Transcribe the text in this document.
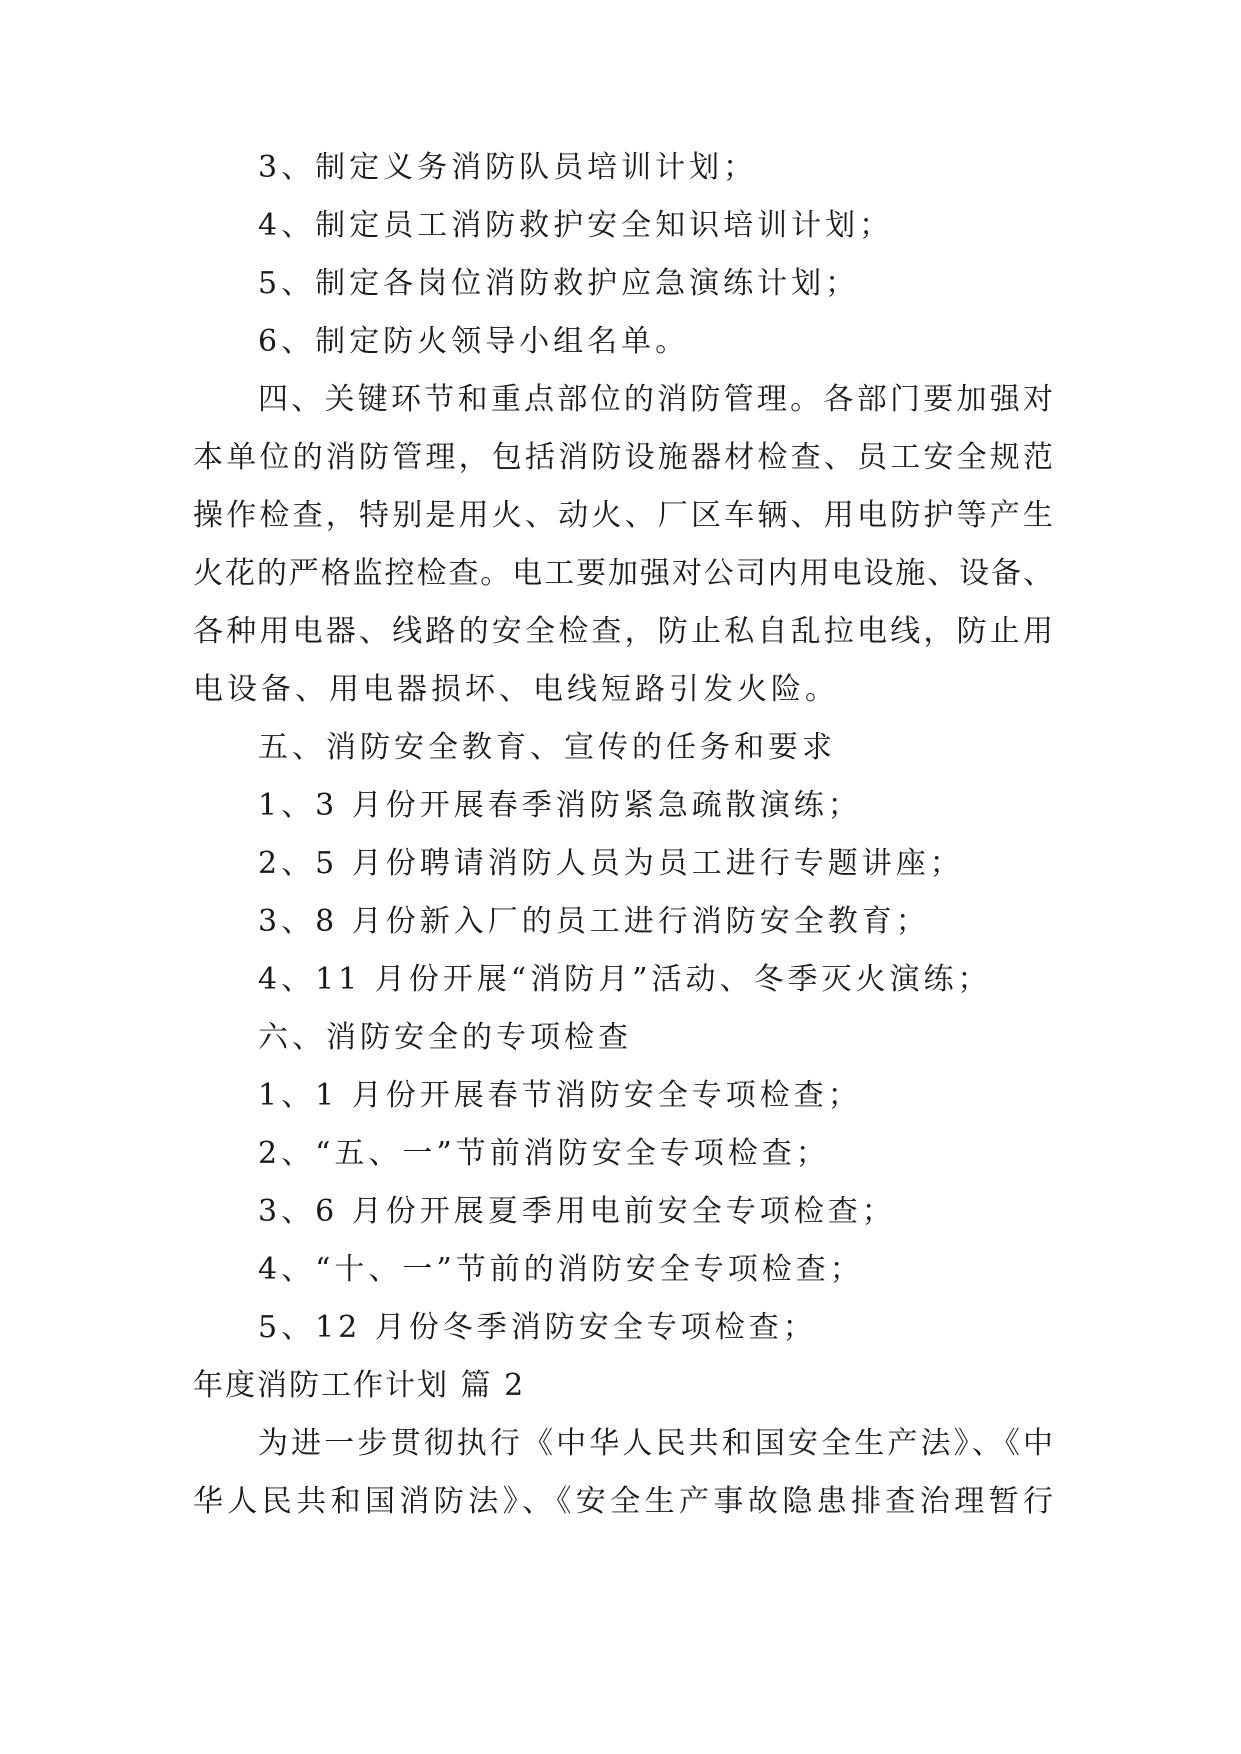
3、制定义务消防队员培训计划；
4、制定员工消防救护安全知识培训计划；
5、制定各岗位消防救护应急演练计划；
6、制定防火领导小组名单。
四、关键环节和重点部位的消防管理。各部门要加强对
本单位的消防管理，包括消防设施器材检查、员工安全规范
操作检查，特别是用火、动火、厂区车辆、用电防护等产生
火花的严格监控检查。电工要加强对公司内用电设施、设备、
各种用电器、线路的安全检查，防止私自乱拉电线，防止用
电设备、用电器损坏、电线短路引发火险。
五、消防安全教育、宣传的任务和要求
1、3 月份开展春季消防紧急疏散演练；
2、5 月份聘请消防人员为员工进行专题讲座；
3、8 月份新入厂的员工进行消防安全教育；
4、11 月份开展“消防月”活动、冬季灭火演练；
六、消防安全的专项检查
1、1 月份开展春节消防安全专项检查；
2、“五、一”节前消防安全专项检查；
3、6 月份开展夏季用电前安全专项检查；
4、“十、一”节前的消防安全专项检查；
5、12 月份冬季消防安全专项检查；
年度消防工作计划 篇 2
为进一步贯彻执行《中华人民共和国安全生产法》、《中
华人民共和国消防法》、《安全生产事故隐患排查治理暂行
